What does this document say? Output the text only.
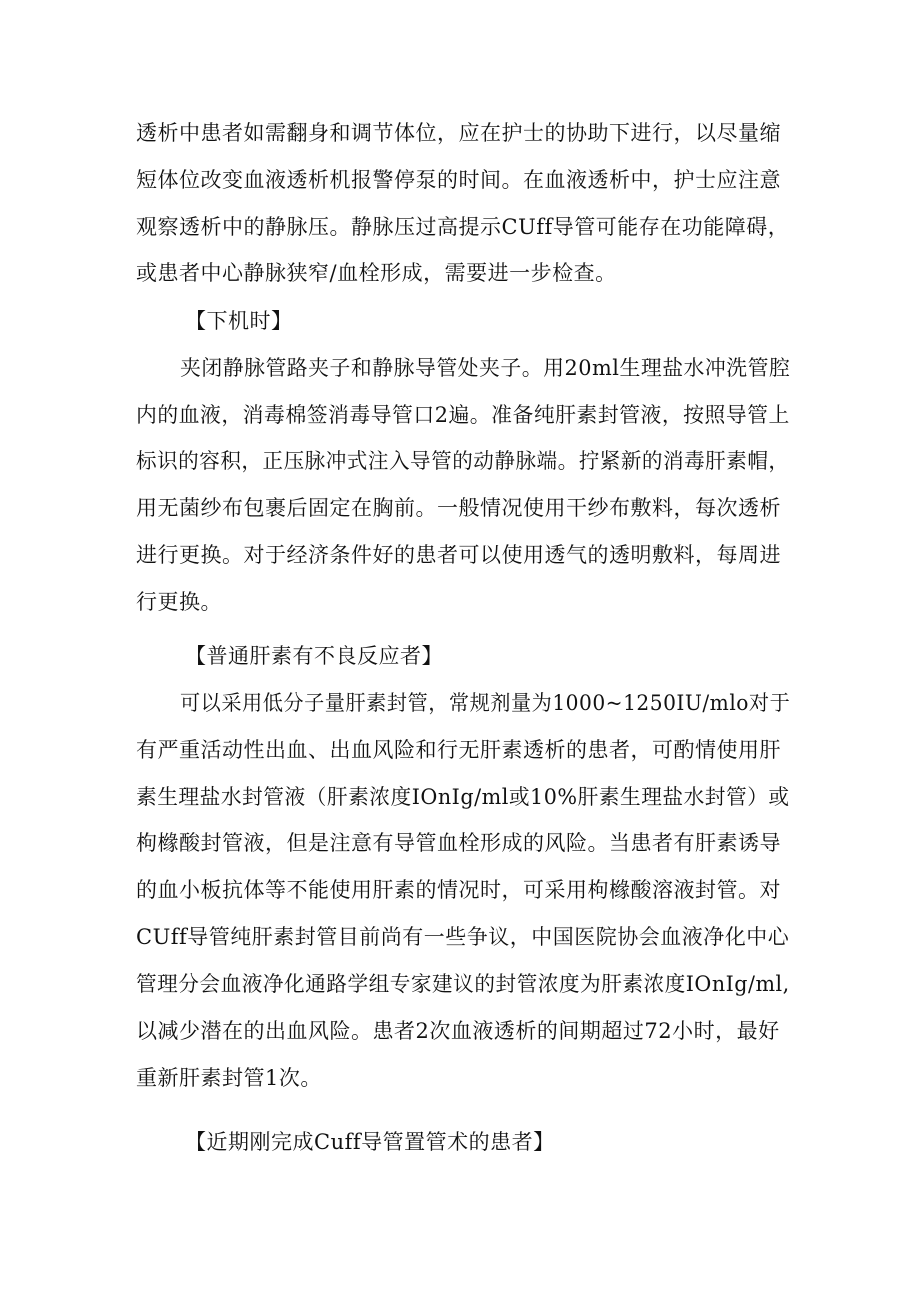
透析中患者如需翻身和调节体位，应在护士的协助下进行，以尽量缩
短体位改变血液透析机报警停泵的时间。在血液透析中，护士应注意
观察透析中的静脉压。静脉压过高提示CUff导管可能存在功能障碍，
或患者中心静脉狭窄/血栓形成，需要进一步检查。
【下机时】
夹闭静脉管路夹子和静脉导管处夹子。用20ml生理盐水冲洗管腔
内的血液，消毒棉签消毒导管口2遍。准备纯肝素封管液，按照导管上
标识的容积，正压脉冲式注入导管的动静脉端。拧紧新的消毒肝素帽，
用无菌纱布包裹后固定在胸前。一般情况使用干纱布敷料，每次透析
进行更换。对于经济条件好的患者可以使用透气的透明敷料，每周进
行更换。
【普通肝素有不良反应者】
可以采用低分子量肝素封管，常规剂量为1000~1250IU/mlo对于
有严重活动性出血、出血风险和行无肝素透析的患者，可酌情使用肝
素生理盐水封管液（肝素浓度IOnIg/ml或10%肝素生理盐水封管）或
枸橼酸封管液，但是注意有导管血栓形成的风险。当患者有肝素诱导
的血小板抗体等不能使用肝素的情况时，可采用枸橼酸溶液封管。对
CUff导管纯肝素封管目前尚有一些争议，中国医院协会血液净化中心
管理分会血液净化通路学组专家建议的封管浓度为肝素浓度IOnIg/ml,
以减少潜在的出血风险。患者2次血液透析的间期超过72小时，最好
重新肝素封管1次。
【近期刚完成Cuff导管置管术的患者】
